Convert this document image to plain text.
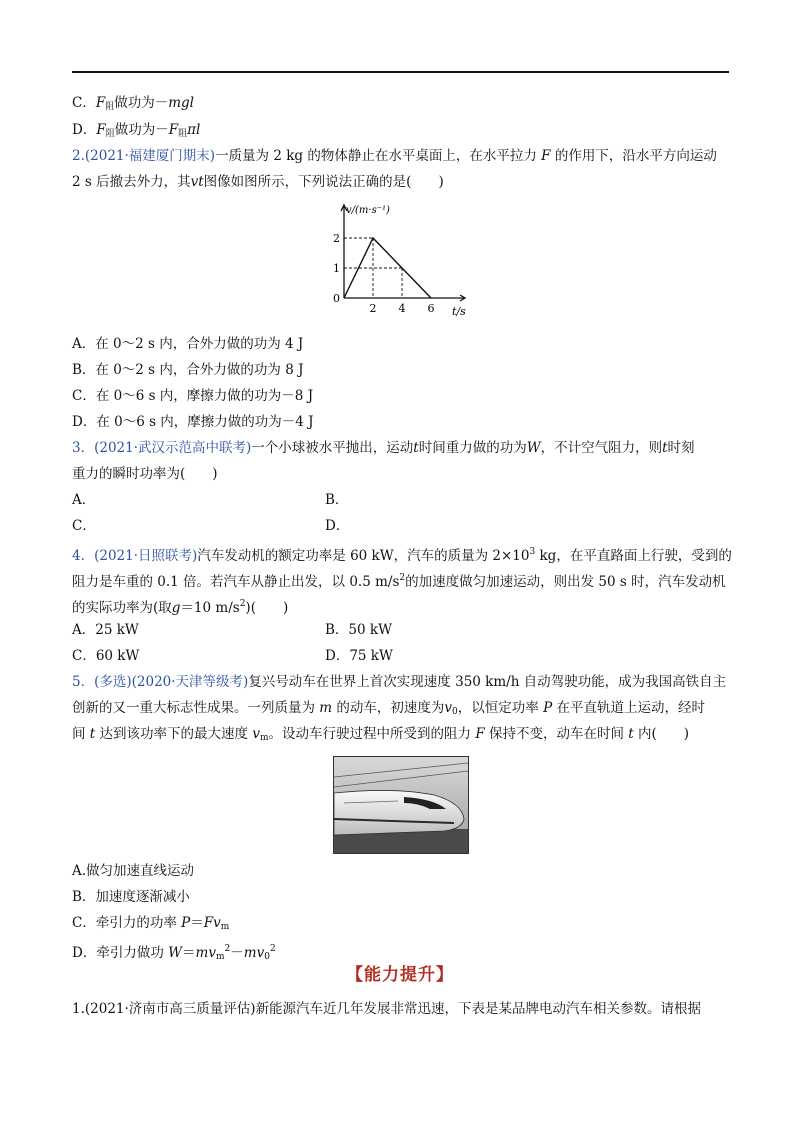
C．$F_阻$做功为－mgl
D．$F_阻$做功为$-F_阻\pi l$
2.(2021·福建厦门期末)一质量为 2 kg 的物体静止在水平桌面上，在水平拉力 F 的作用下，沿水平方向运动
2 s 后撤去外力，其vt图像如图所示，下列说法正确的是(　　)
2 4 6
1
2
v/(m·s⁻¹)
t/s
0
A．在 0～2 s 内，合外力做的功为 4 J
B．在 0～2 s 内，合外力做的功为 8 J
C．在 0～6 s 内，摩擦力做的功为－8 J
D．在 0～6 s 内，摩擦力做的功为－4 J
3．(2021·武汉示范高中联考)一个小球被水平抛出，运动t时间重力做的功为W，不计空气阻力，则t时刻
重力的瞬时功率为(　　)
A．	B．
C．	D．
4．(2021·日照联考)汽车发动机的额定功率是 60 kW，汽车的质量为 $2\times 10^3$ kg，在平直路面上行驶，受到的
阻力是车重的 0.1 倍。若汽车从静止出发，以 0.5 $m/s^2$的加速度做匀加速运动，则出发 50 s 时，汽车发动机
的实际功率为(取g＝10 $m/s^2$)(　　)
A．25 kW	B．50 kW
C．60 kW	D．75 kW
5．(多选)(2020·天津等级考)复兴号动车在世界上首次实现速度 350 km/h 自动驾驶功能，成为我国高铁自主
创新的又一重大标志性成果。一列质量为 m 的动车，初速度为$v_0$，以恒定功率 P 在平直轨道上运动，经时
间 t 达到该功率下的最大速度 $v_m$。设动车行驶过程中所受到的阻力 F 保持不变，动车在时间 t 内(　　)
A.做匀加速直线运动
B．加速度逐渐减小
C．牵引力的功率 $P=Fv_m$
D．牵引力做功 $W=mv_m^2-mv_0^2$
【能力提升】
1.(2021·济南市高三质量评估)新能源汽车近几年发展非常迅速，下表是某品牌电动汽车相关参数。请根据
